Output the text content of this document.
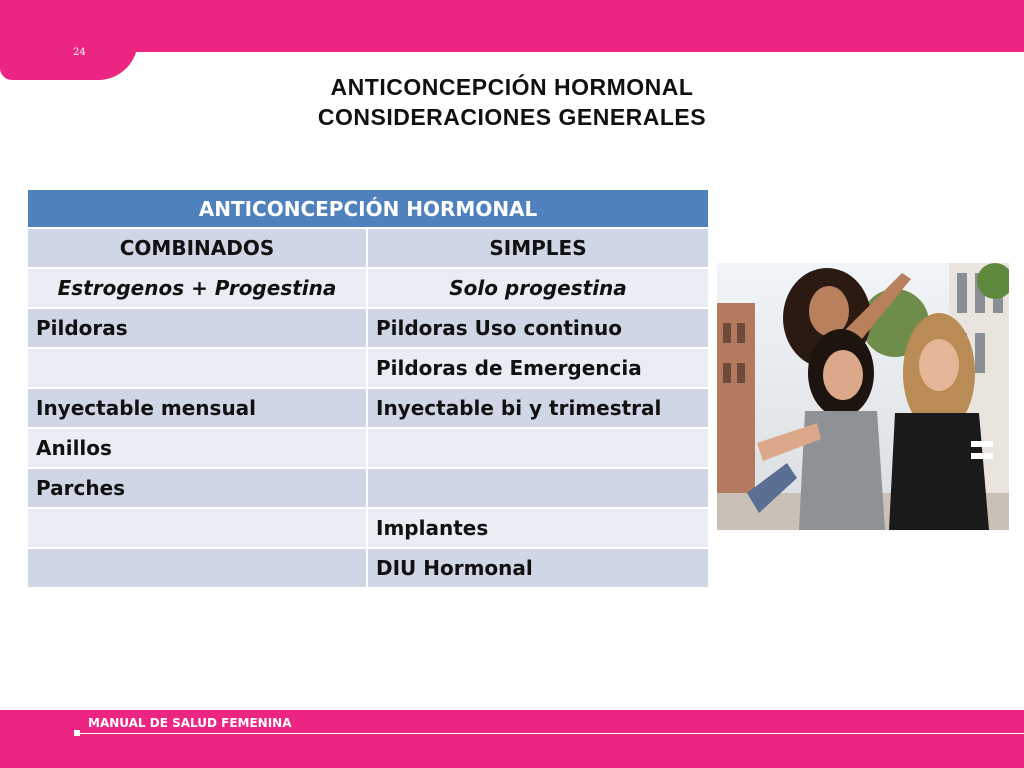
24
ANTICONCEPCIÓN HORMONAL
CONSIDERACIONES GENERALES
ANTICONCEPCIÓN HORMONAL	
COMBINADOS	SIMPLES
Estrogenos + Progestina	Solo progestina
Pildoras	Pildoras Uso continuo
	Pildoras de Emergencia
Inyectable mensual	Inyectable bi y trimestral
Anillos	
Parches	
	Implantes
	DIU Hormonal
MANUAL DE SALUD FEMENINA
